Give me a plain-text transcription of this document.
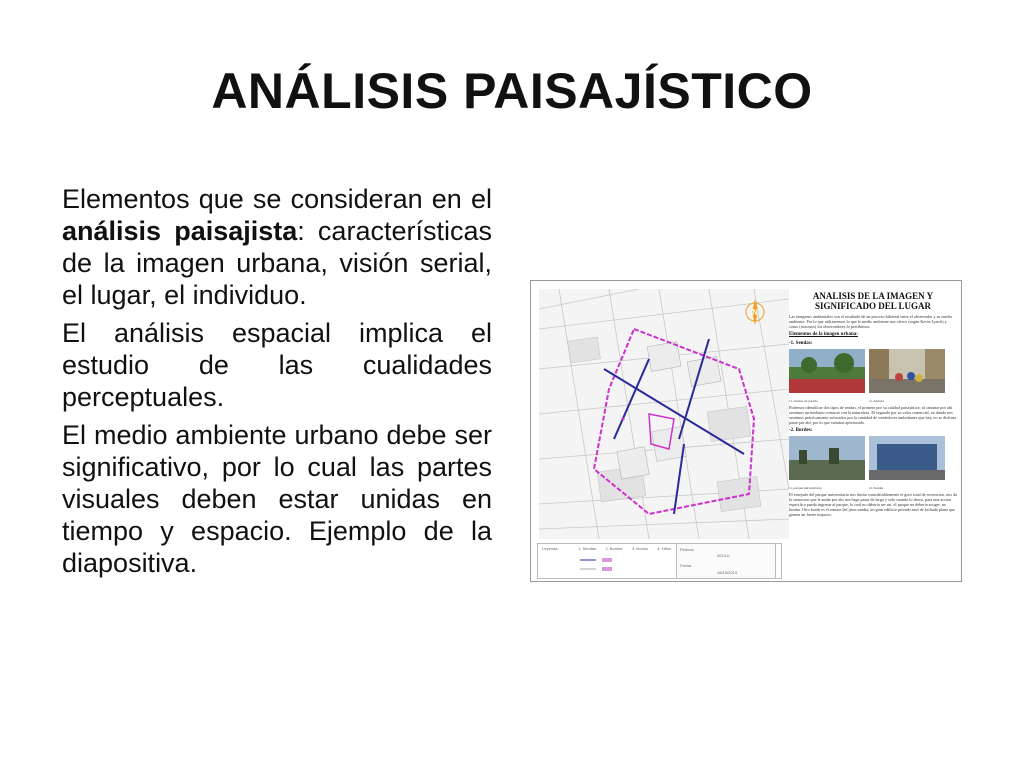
ANÁLISIS PAISAJÍSTICO

Elementos que se consideran en el análisis paisajista: características de la imagen urbana, visión serial, el lugar, el individuo.

El análisis espacial implica el estudio de las cualidades perceptuales.

El medio ambiente urbano debe ser significativo, por lo cual las partes visuales deben estar unidas en tiempo y espacio. Ejemplo de la diapositiva.

N
Leyenda:	1. Sendas 2. Bordes 3. Nodos 4. Hitos Periodo
2014-II
Fecha
18/10/2013
ANALISIS DE LA IMAGEN Y SIGNIFICADO DEL LUGAR
Las imagenes ambientales son el resultado de un proceso bilateral entre el observador y su medio ambiente. Por lo que utilizaremos lo que le medio ambiente nos ofrece (según Kevin Lynch) y como (nosotros) los observadores lo percibimos.
Elementos de la imagen urbana:
-1. Sendas:
1r. alcalus de parada	1r. Abanza
Podemos identificar dos tipos de sendas, el primero por su calidad paisajística: al caminar por ahí sentimos un mediano contacto con la naturaleza. El segundo por su valor comercial, en donde nos sentimos prácticamente sofocados por la cantidad de vendedores ambulantes que hay, no se disfruta pasar por ahí, por lo que caminas apresurado.
-2. Bordes:
1r. parque universitario	2r. Sandia
El enrejado del parque universitario nos limita considerablemente el goce total de recreacion, nos da la sensacion que le andar por ahi nos haga pasar de largo y solo cuando lo desea, para una accion especifica pueda ingresar al parque, lo cual no deberia ser asi, el parque no deberia acoger, no limitar. Otro borde es el remate del jiron sandia, un gran edificio privado azul de fachada plana que genera un fuerte impacto.
